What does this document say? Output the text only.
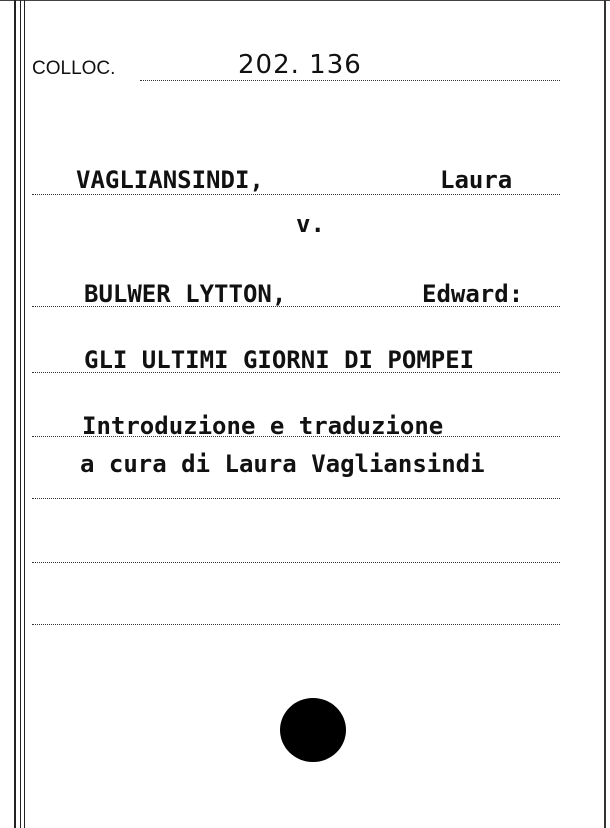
COLLOC.	202. 136
VAGLIANSINDI,	Laura
v.
BULWER LYTTON,	Edward:
GLI ULTIMI GIORNI DI POMPEI
Introduzione e traduzione
a cura di Laura Vagliansindi
